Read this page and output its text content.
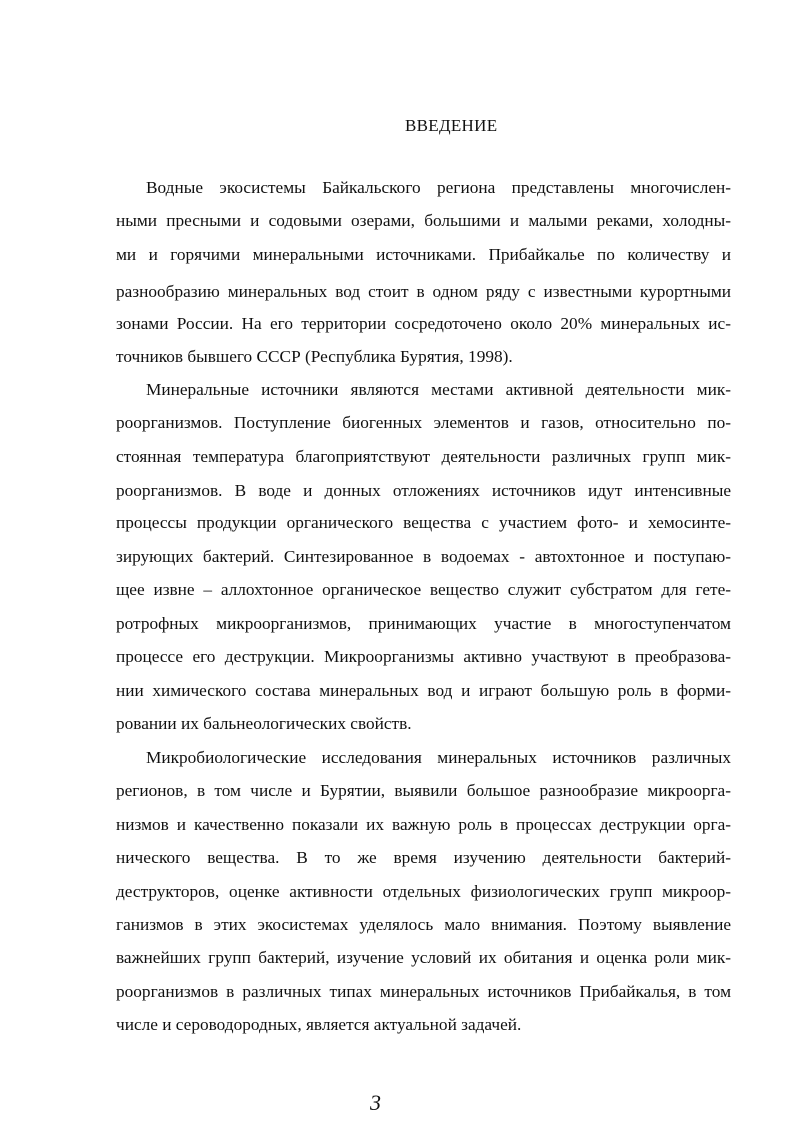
ВВЕДЕНИЕ
Водные экосистемы Байкальского региона представлены многочислен-
ными пресными и содовыми озерами, большими и малыми реками, холодны-
ми и горячими минеральными источниками. Прибайкалье по количеству и
разнообразию минеральных вод стоит в одном ряду с известными курортными
зонами России. На его территории сосредоточено около 20% минеральных ис-
точников бывшего СССР (Республика Бурятия, 1998).
Минеральные источники являются местами активной деятельности мик-
роорганизмов. Поступление биогенных элементов и газов, относительно по-
стоянная температура благоприятствуют деятельности различных групп мик-
роорганизмов. В воде и донных отложениях источников идут интенсивные
процессы продукции органического вещества с участием фото- и хемосинте-
зирующих бактерий. Синтезированное в водоемах - автохтонное и поступаю-
щее извне – аллохтонное органическое вещество служит субстратом для гете-
ротрофных микроорганизмов, принимающих участие в многоступенчатом
процессе его деструкции. Микроорганизмы активно участвуют в преобразова-
нии химического состава минеральных вод и играют большую роль в форми-
ровании их бальнеологических свойств.
Микробиологические исследования минеральных источников различных
регионов, в том числе и Бурятии, выявили большое разнообразие микроорга-
низмов и качественно показали их важную роль в процессах деструкции орга-
нического вещества. В то же время изучению деятельности бактерий-
деструкторов, оценке активности отдельных физиологических групп микроор-
ганизмов в этих экосистемах уделялось мало внимания. Поэтому выявление
важнейших групп бактерий, изучение условий их обитания и оценка роли мик-
роорганизмов в различных типах минеральных источников Прибайкалья, в том
числе и сероводородных, является актуальной задачей.
3
